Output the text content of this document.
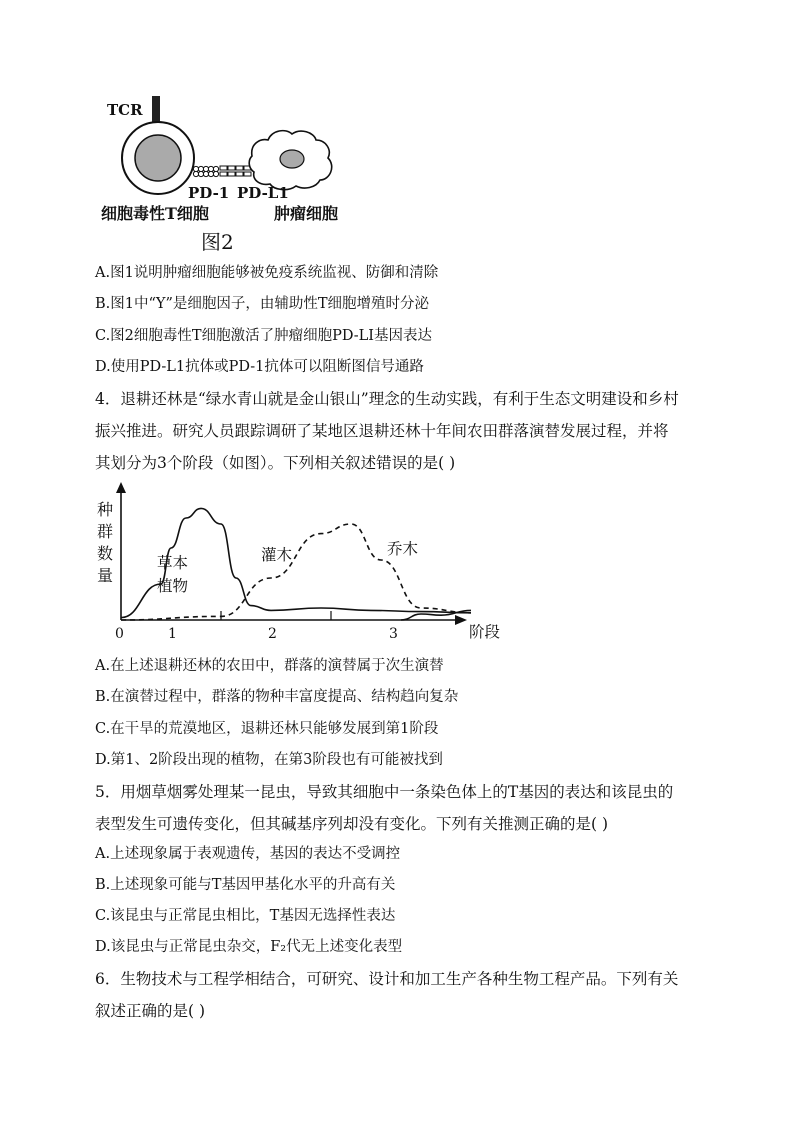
TCR
PD-1 PD-L1
细胞毒性T细胞	肿瘤细胞
图2
A.图1说明肿瘤细胞能够被免疫系统监视、防御和清除
B.图1中“Y”是细胞因子，由辅助性T细胞增殖时分泌
C.图2细胞毒性T细胞激活了肿瘤细胞PD-LI基因表达
D.使用PD-L1抗体或PD-1抗体可以阻断图信号通路
4．退耕还林是“绿水青山就是金山银山”理念的生动实践，有利于生态文明建设和乡村
振兴推进。研究人员跟踪调研了某地区退耕还林十年间农田群落演替发展过程，并将
其划分为3个阶段（如图）。下列相关叙述错误的是( )
种群数量
阶段
0	1	2	3
草本
植物
灌木	乔木
A.在上述退耕还林的农田中，群落的演替属于次生演替
B.在演替过程中，群落的物种丰富度提高、结构趋向复杂
C.在干旱的荒漠地区，退耕还林只能够发展到第1阶段
D.第1、2阶段出现的植物，在第3阶段也有可能被找到
5．用烟草烟雾处理某一昆虫，导致其细胞中一条染色体上的T基因的表达和该昆虫的
表型发生可遗传变化，但其碱基序列却没有变化。下列有关推测正确的是( )
A.上述现象属于表观遗传，基因的表达不受调控
B.上述现象可能与T基因甲基化水平的升高有关
C.该昆虫与正常昆虫相比，T基因无选择性表达
D.该昆虫与正常昆虫杂交，F₂代无上述变化表型
6．生物技术与工程学相结合，可研究、设计和加工生产各种生物工程产品。下列有关
叙述正确的是( )
